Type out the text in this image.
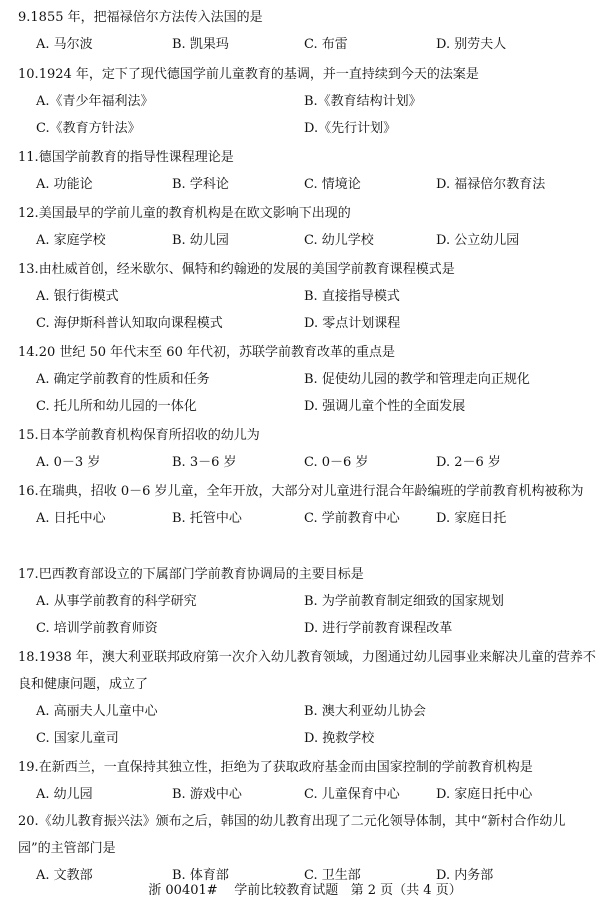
9.1855 年，把福禄倍尔方法传入法国的是
A. 马尔波	B. 凯果玛	C. 布雷	D. 别劳夫人
10.1924 年，定下了现代德国学前儿童教育的基调，并一直持续到今天的法案是
A.《青少年福利法》	B.《教育结构计划》
C.《教育方针法》	D.《先行计划》
11.德国学前教育的指导性课程理论是
A. 功能论	B. 学科论	C. 情境论	D. 福禄倍尔教育法
12.美国最早的学前儿童的教育机构是在欧文影响下出现的
A. 家庭学校	B. 幼儿园	C. 幼儿学校	D. 公立幼儿园
13.由杜威首创，经米歇尔、佩特和约翰逊的发展的美国学前教育课程模式是
A. 银行街模式	B. 直接指导模式
C. 海伊斯科普认知取向课程模式	D. 零点计划课程
14.20 世纪 50 年代末至 60 年代初，苏联学前教育改革的重点是
A. 确定学前教育的性质和任务	B. 促使幼儿园的教学和管理走向正规化
C. 托儿所和幼儿园的一体化	D. 强调儿童个性的全面发展
15.日本学前教育机构保育所招收的幼儿为
A. 0－3 岁	B. 3－6 岁	C. 0－6 岁	D. 2－6 岁
16.在瑞典，招收 0－6 岁儿童，全年开放，大部分对儿童进行混合年龄编班的学前教育机构被称为
A. 日托中心	B. 托管中心	C. 学前教育中心	D. 家庭日托
17.巴西教育部设立的下属部门学前教育协调局的主要目标是
A. 从事学前教育的科学研究	B. 为学前教育制定细致的国家规划
C. 培训学前教育师资	D. 进行学前教育课程改革
18.1938 年，澳大利亚联邦政府第一次介入幼儿教育领域，力图通过幼儿园事业来解决儿童的营养不良和健康问题，成立了
A. 高丽夫人儿童中心	B. 澳大利亚幼儿协会
C. 国家儿童司	D. 挽救学校
19.在新西兰，一直保持其独立性，拒绝为了获取政府基金而由国家控制的学前教育机构是
A. 幼儿园	B. 游戏中心	C. 儿童保育中心	D. 家庭日托中心
20.《幼儿教育振兴法》颁布之后，韩国的幼儿教育出现了二元化领导体制，其中“新村合作幼儿园”的主管部门是
A. 文教部	B. 体育部	C. 卫生部	D. 内务部
浙 00401# 学前比较教育试题 第 2 页（共 4 页）
